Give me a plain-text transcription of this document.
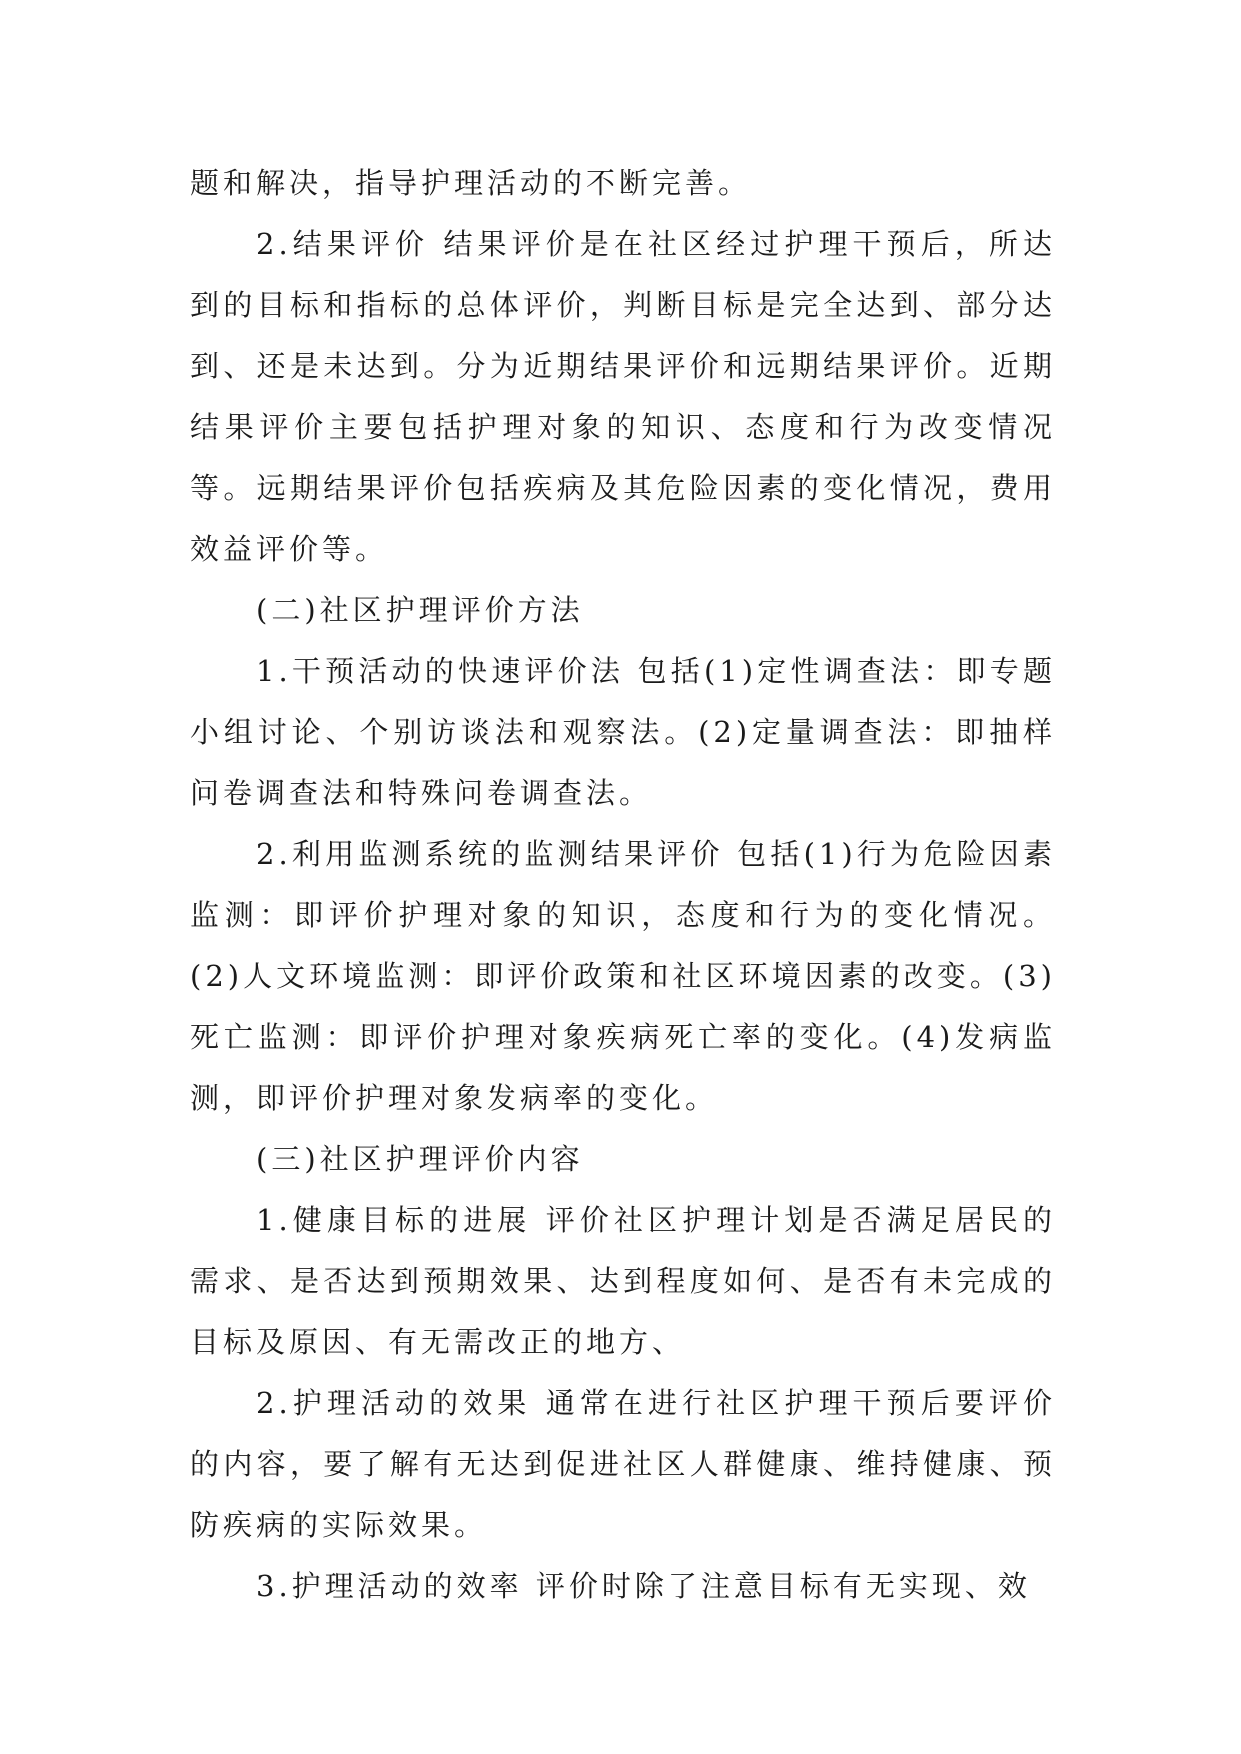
题和解决，指导护理活动的不断完善。

2.结果评价 结果评价是在社区经过护理干预后，所达到的目标和指标的总体评价，判断目标是完全达到、部分达到、还是未达到。分为近期结果评价和远期结果评价。近期结果评价主要包括护理对象的知识、态度和行为改变情况等。远期结果评价包括疾病及其危险因素的变化情况，费用效益评价等。

(二)社区护理评价方法

1.干预活动的快速评价法 包括(1)定性调查法：即专题小组讨论、个别访谈法和观察法。(2)定量调查法：即抽样问卷调查法和特殊问卷调查法。

2.利用监测系统的监测结果评价 包括(1)行为危险因素监测：即评价护理对象的知识，态度和行为的变化情况。(2)人文环境监测：即评价政策和社区环境因素的改变。(3)死亡监测：即评价护理对象疾病死亡率的变化。(4)发病监测，即评价护理对象发病率的变化。

(三)社区护理评价内容

1.健康目标的进展 评价社区护理计划是否满足居民的需求、是否达到预期效果、达到程度如何、是否有未完成的目标及原因、有无需改正的地方、

2.护理活动的效果 通常在进行社区护理干预后要评价的内容，要了解有无达到促进社区人群健康、维持健康、预防疾病的实际效果。

3.护理活动的效率 评价时除了注意目标有无实现、效
